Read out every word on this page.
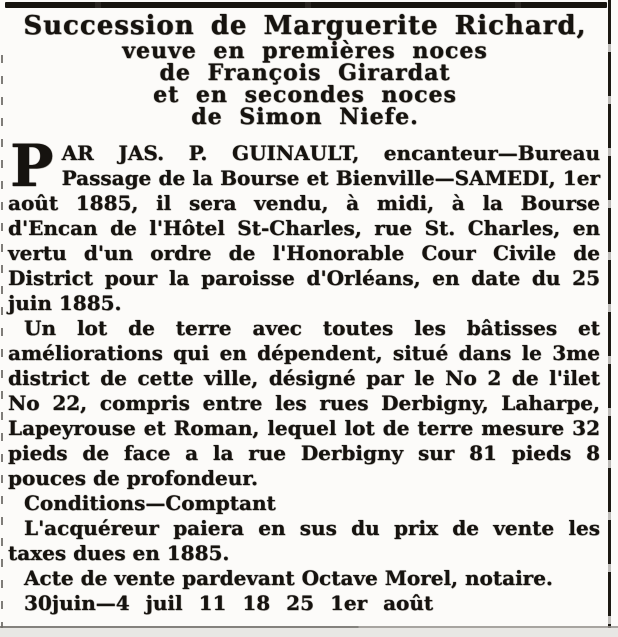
Succession de Marguerite Richard,
veuve en premières noces
de François Girardat
et en secondes noces
de Simon Niefe.

PAR JAS. P. GUINAULT, encanteur—Bureau Passage de la Bourse et Bienville—SAMEDI, 1er août 1885, il sera vendu, à midi, à la Bourse d'Encan de l'Hôtel St-Charles, rue St. Charles, en vertu d'un ordre de l'Honorable Cour Civile de District pour la paroisse d'Orléans, en date du 25 juin 1885.

Un lot de terre avec toutes les bâtisses et améliorations qui en dépendent, situé dans le 3me district de cette ville, désigné par le No 2 de l'ilet No 22, compris entre les rues Derbigny, Laharpe, Lapeyrouse et Roman, lequel lot de terre mesure 32 pieds de face a la rue Derbigny sur 81 pieds 8 pouces de profondeur.

Conditions—Comptant

L'acquéreur paiera en sus du prix de vente les taxes dues en 1885.

Acte de vente pardevant Octave Morel, notaire.

30juin—4 juil 11 18 25 1er août
